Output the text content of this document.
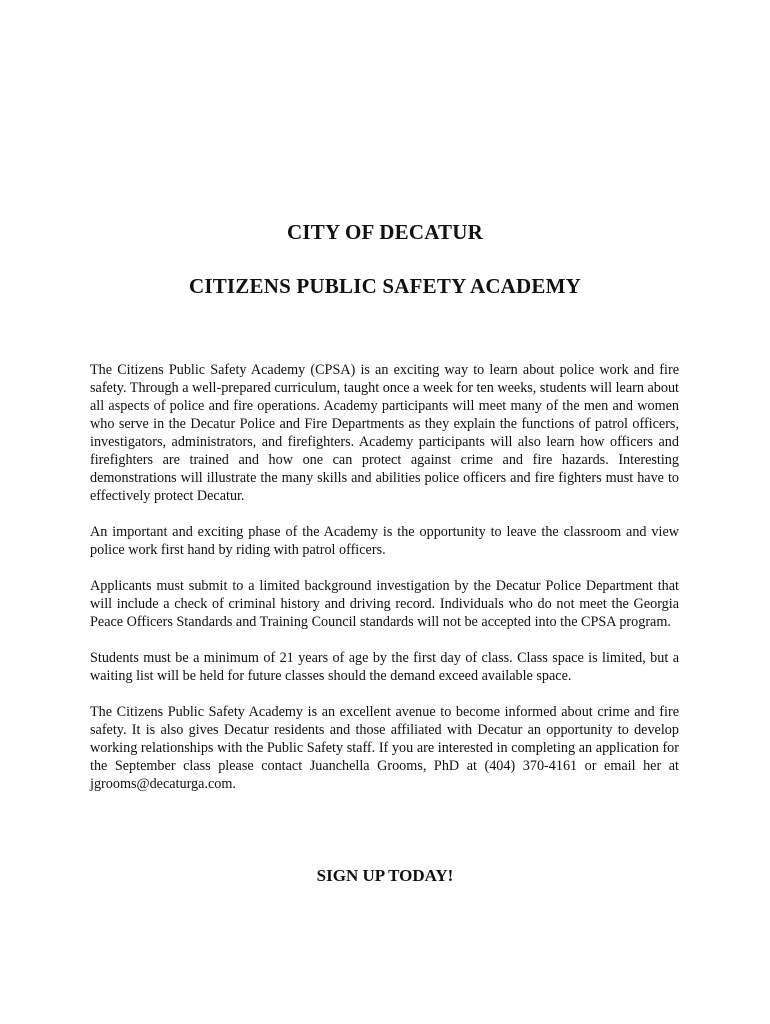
CITY OF DECATUR
CITIZENS PUBLIC SAFETY ACADEMY

The Citizens Public Safety Academy (CPSA) is an exciting way to learn about police work and fire safety. Through a well-prepared curriculum, taught once a week for ten weeks, students will learn about all aspects of police and fire operations. Academy participants will meet many of the men and women who serve in the Decatur Police and Fire Departments as they explain the functions of patrol officers, investigators, administrators, and firefighters. Academy participants will also learn how officers and firefighters are trained and how one can protect against crime and fire hazards. Interesting demonstrations will illustrate the many skills and abilities police officers and fire fighters must have to effectively protect Decatur.

An important and exciting phase of the Academy is the opportunity to leave the classroom and view police work first hand by riding with patrol officers.

Applicants must submit to a limited background investigation by the Decatur Police Department that will include a check of criminal history and driving record. Individuals who do not meet the Georgia Peace Officers Standards and Training Council standards will not be accepted into the CPSA program.

Students must be a minimum of 21 years of age by the first day of class. Class space is limited, but a waiting list will be held for future classes should the demand exceed available space.

The Citizens Public Safety Academy is an excellent avenue to become informed about crime and fire safety. It is also gives Decatur residents and those affiliated with Decatur an opportunity to develop working relationships with the Public Safety staff. If you are interested in completing an application for the September class please contact Juanchella Grooms, PhD at (404) 370-4161 or email her at jgrooms@decaturga.com.

SIGN UP TODAY!
